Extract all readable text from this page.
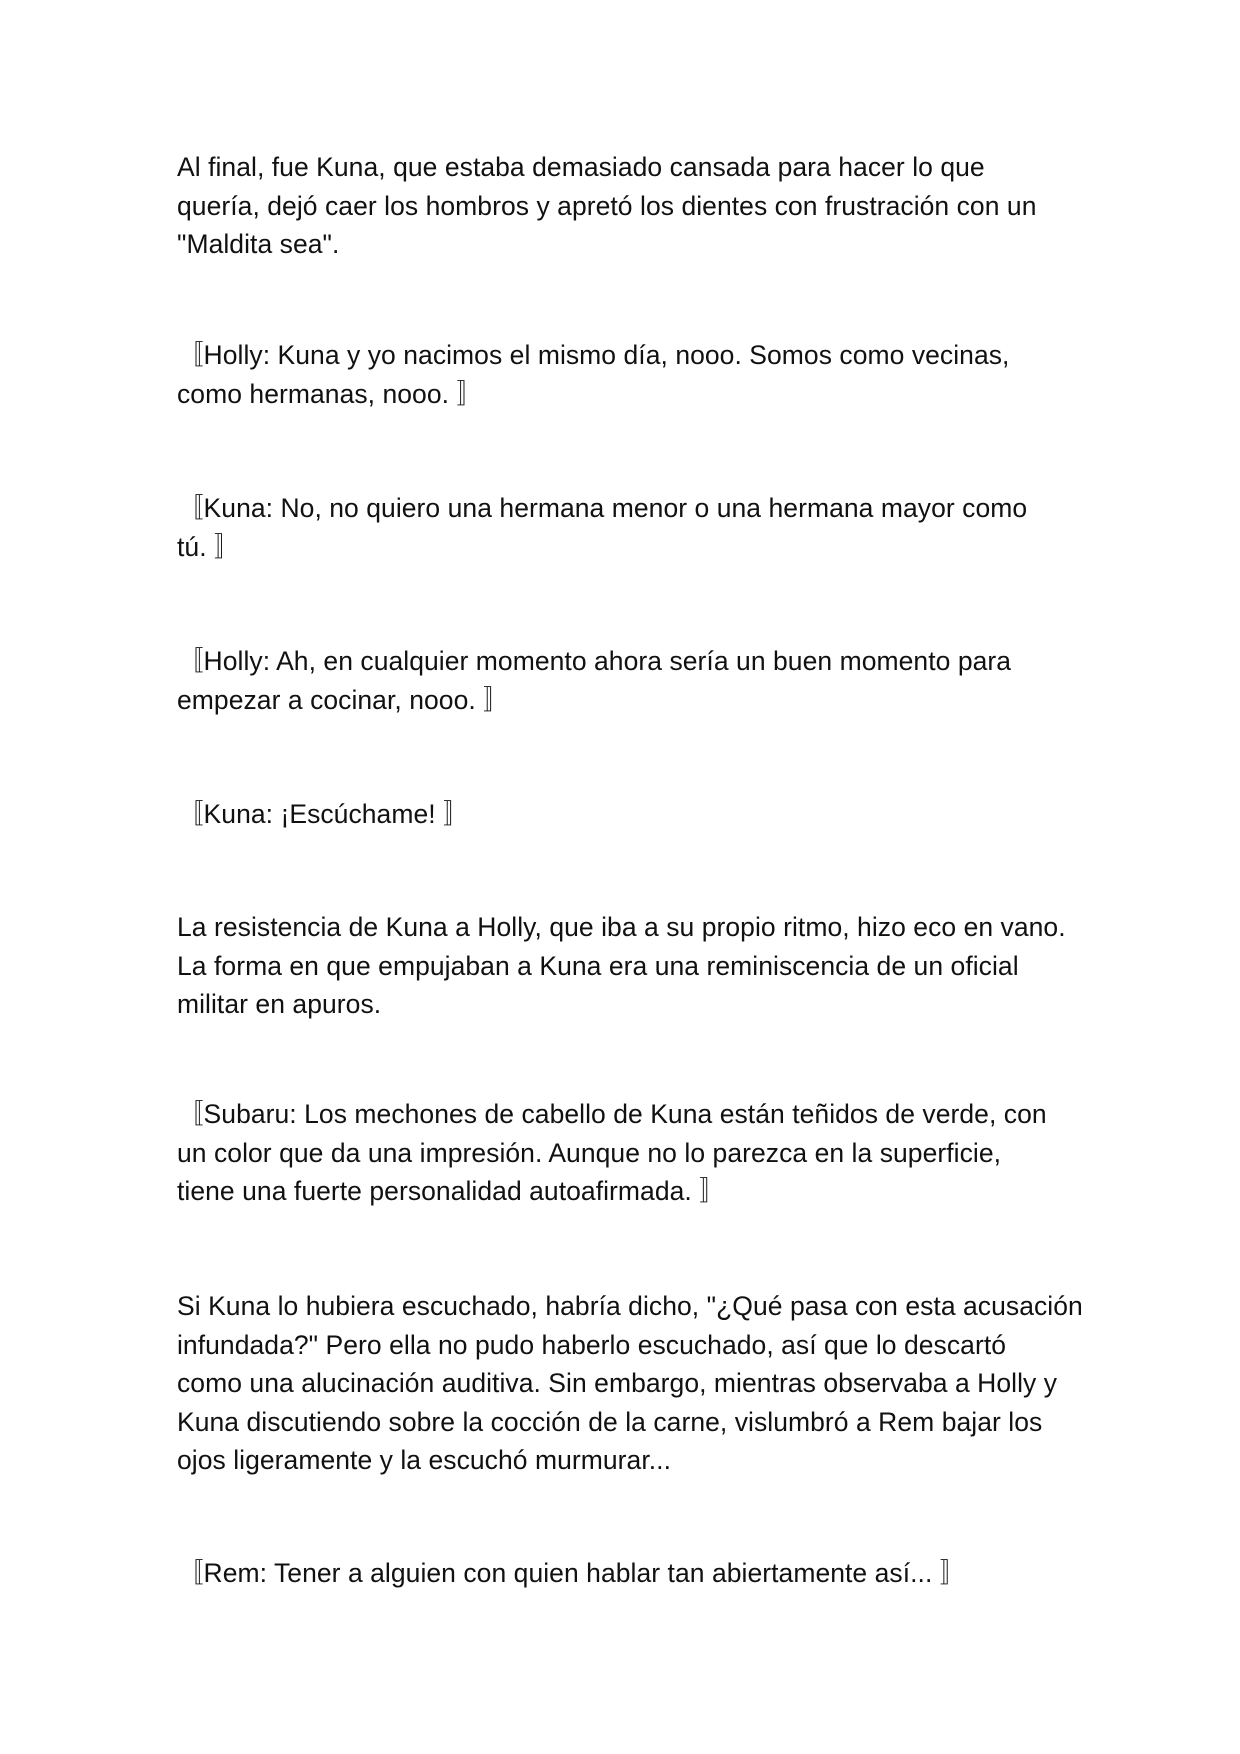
Al final, fue Kuna, que estaba demasiado cansada para hacer lo que
quería, dejó caer los hombros y apretó los dientes con frustración con un
"Maldita sea".

〚Holly: Kuna y yo nacimos el mismo día, nooo. Somos como vecinas,
como hermanas, nooo. 〛

〚Kuna: No, no quiero una hermana menor o una hermana mayor como
tú. 〛

〚Holly: Ah, en cualquier momento ahora sería un buen momento para
empezar a cocinar, nooo. 〛

〚Kuna: ¡Escúchame! 〛

La resistencia de Kuna a Holly, que iba a su propio ritmo, hizo eco en vano.
La forma en que empujaban a Kuna era una reminiscencia de un oficial
militar en apuros.

〚Subaru: Los mechones de cabello de Kuna están teñidos de verde, con
un color que da una impresión. Aunque no lo parezca en la superficie,
tiene una fuerte personalidad autoafirmada. 〛

Si Kuna lo hubiera escuchado, habría dicho, "¿Qué pasa con esta acusación
infundada?" Pero ella no pudo haberlo escuchado, así que lo descartó
como una alucinación auditiva. Sin embargo, mientras observaba a Holly y
Kuna discutiendo sobre la cocción de la carne, vislumbró a Rem bajar los
ojos ligeramente y la escuchó murmurar...

〚Rem: Tener a alguien con quien hablar tan abiertamente así... 〛
